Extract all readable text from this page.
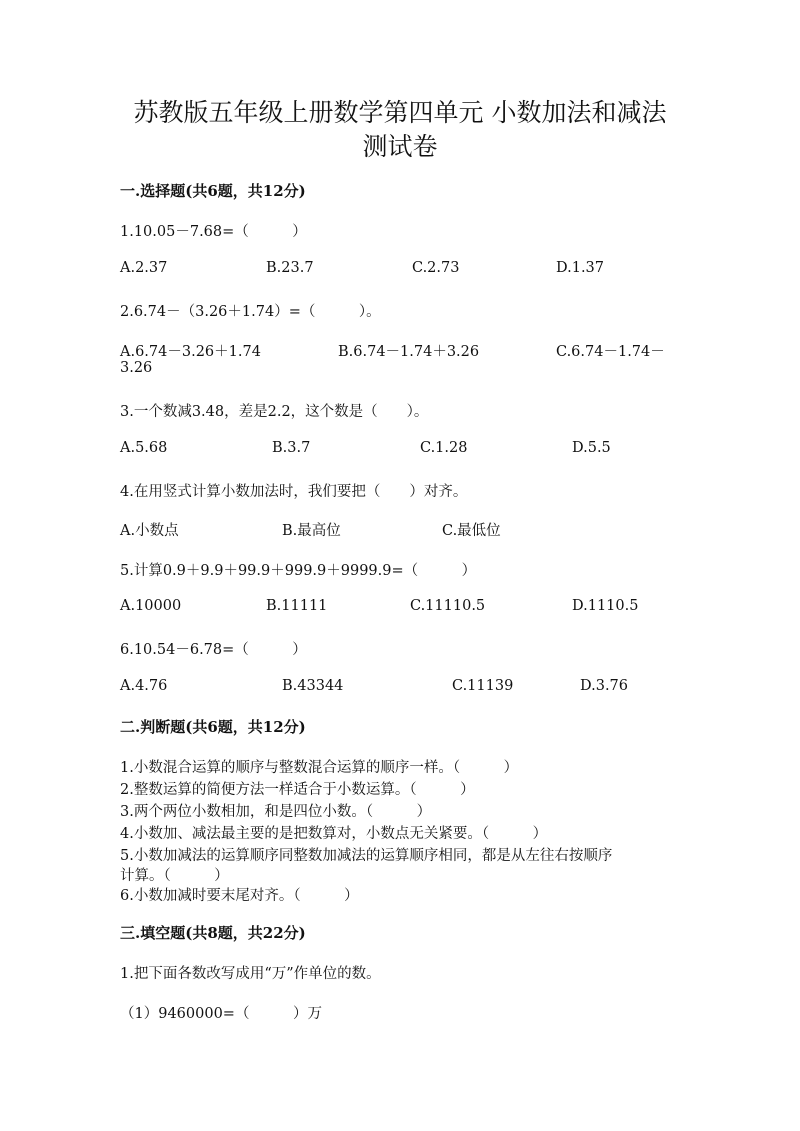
苏教版五年级上册数学第四单元 小数加法和减法
测试卷
一.选择题(共6题，共12分)
1.10.05－7.68=（　　　）
A.2.37	B.23.7	C.2.73	D.1.37
2.6.74－（3.26＋1.74）=（　　　）。
A.6.74－3.26＋1.74	B.6.74－1.74＋3.26	C.6.74－1.74－
3.26
3.一个数减3.48，差是2.2，这个数是（　　）。
A.5.68	B.3.7	C.1.28	D.5.5
4.在用竖式计算小数加法时，我们要把（　　）对齐。
A.小数点	B.最高位	C.最低位
5.计算0.9＋9.9＋99.9＋999.9＋9999.9=（　　　）
A.10000	B.11111	C.11110.5	D.1110.5
6.10.54－6.78=（　　　）
A.4.76	B.43344	C.11139	D.3.76
二.判断题(共6题，共12分)
1.小数混合运算的顺序与整数混合运算的顺序一样。（　　　）
2.整数运算的简便方法一样适合于小数运算。（　　　）
3.两个两位小数相加，和是四位小数。（　　　）
4.小数加、减法最主要的是把数算对，小数点无关紧要。（　　　）
5.小数加减法的运算顺序同整数加减法的运算顺序相同，都是从左往右按顺序
计算。（　　　）
6.小数加减时要末尾对齐。（　　　）
三.填空题(共8题，共22分)
1.把下面各数改写成用“万”作单位的数。
（1）9460000=（　　　）万
